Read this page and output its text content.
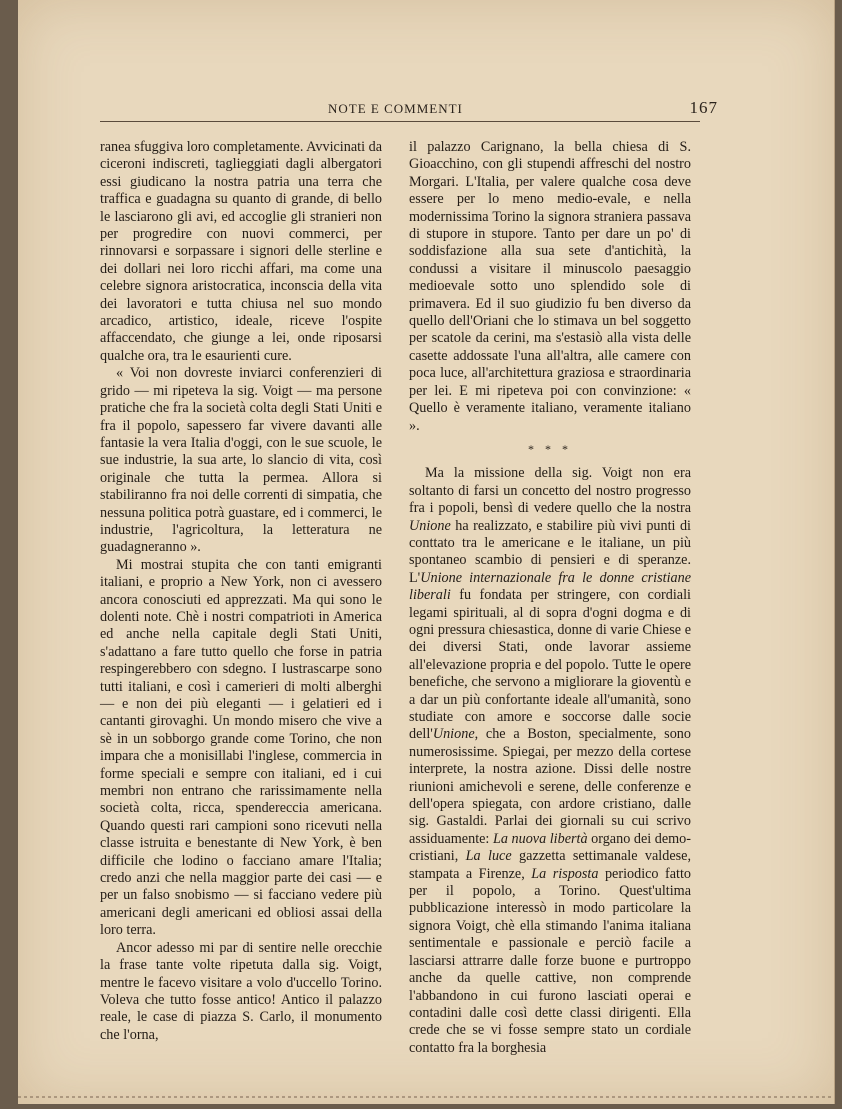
NOTE E COMMENTI	167

ranea sfuggiva loro completamente. Avvicinati da ciceroni indiscreti, taglieggiati dagli albergatori essi giudicano la nostra patria una terra che traffica e guadagna su quanto di grande, di bello le lasciarono gli avi, ed accoglie gli stranieri non per progredire con nuovi commerci, per rinnovarsi e sorpassare i signori delle sterline e dei dollari nei loro ricchi affari, ma come una celebre signora aristocratica, inconscia della vita dei lavoratori e tutta chiusa nel suo mondo arcadico, artistico, ideale, riceve l'ospite affaccendato, che giunge a lei, onde riposarsi qualche ora, tra le esaurienti cure.

« Voi non dovreste inviarci conferenzieri di grido — mi ripeteva la sig. Voigt — ma persone pratiche che fra la società colta degli Stati Uniti e fra il popolo, sapessero far vivere davanti alle fantasie la vera Italia d'oggi, con le sue scuole, le sue industrie, la sua arte, lo slancio di vita, così originale che tutta la permea. Allora si stabiliranno fra noi delle correnti di simpatia, che nessuna politica potrà guastare, ed i commerci, le industrie, l'agricoltura, la letteratura ne guadagneranno ».

Mi mostrai stupita che con tanti emigranti italiani, e proprio a New York, non ci avessero ancora conosciuti ed apprezzati. Ma qui sono le dolenti note. Chè i nostri compatrioti in America ed anche nella capitale degli Stati Uniti, s'adattano a fare tutto quello che forse in patria respingerebbero con sdegno. I lustrascarpe sono tutti italiani, e così i camerieri di molti alberghi — e non dei più eleganti — i gelatieri ed i cantanti girovaghi. Un mondo misero che vive a sè in un sobborgo grande come Torino, che non impara che a monisillabi l'inglese, commercia in forme speciali e sempre con italiani, ed i cui membri non entrano che rarissimamente nella società colta, ricca, spendereccia americana. Quando questi rari campioni sono ricevuti nella classe istruita e benestante di New York, è ben difficile che lodino o facciano amare l'Italia; credo anzi che nella maggior parte dei casi — e per un falso snobismo — si facciano vedere più americani degli americani ed obliosi assai della loro terra.

Ancor adesso mi par di sentire nelle orecchie la frase tante volte ripetuta dalla sig. Voigt, mentre le facevo visitare a volo d'uccello Torino. Voleva che tutto fosse antico! Antico il palazzo reale, le case di piazza S. Carlo, il monumento che l'orna,

il palazzo Carignano, la bella chiesa di S. Gioacchino, con gli stupendi affreschi del nostro Morgari. L'Italia, per valere qualche cosa deve essere per lo meno medio-evale, e nella modernissima Torino la signora straniera passava di stupore in stupore. Tanto per dare un po' di soddisfazione alla sua sete d'antichità, la condussi a visitare il minuscolo paesaggio medioevale sotto uno splendido sole di primavera. Ed il suo giudizio fu ben diverso da quello dell'Oriani che lo stimava un bel soggetto per scatole da cerini, ma s'estasiò alla vista delle casette addossate l'una all'altra, alle camere con poca luce, all'architettura graziosa e straordinaria per lei. E mi ripeteva poi con convinzione: « Quello è veramente italiano, veramente italiano ».

* * *

Ma la missione della sig. Voigt non era soltanto di farsi un concetto del nostro progresso fra i popoli, bensì di vedere quello che la nostra Unione ha realizzato, e stabilire più vivi punti di conttato tra le americane e le italiane, un più spontaneo scambio di pensieri e di speranze. L'Unione internazionale fra le donne cristiane liberali fu fondata per stringere, con cordiali legami spirituali, al di sopra d'ogni dogma e di ogni pressura chiesastica, donne di varie Chiese e dei diversi Stati, onde lavorar assieme all'elevazione propria e del popolo. Tutte le opere benefiche, che servono a migliorare la gioventù e a dar un più confortante ideale all'umanità, sono studiate con amore e soccorse dalle socie dell'Unione, che a Boston, specialmente, sono numerosissime. Spiegai, per mezzo della cortese interprete, la nostra azione. Dissi delle nostre riunioni amichevoli e serene, delle conferenze e dell'opera spiegata, con ardore cristiano, dalle sig. Gastaldi. Parlai dei giornali su cui scrivo assiduamente: La nuova libertà organo dei demo-cristiani, La luce gazzetta settimanale valdese, stampata a Firenze, La risposta periodico fatto per il popolo, a Torino. Quest'ultima pubblicazione interessò in modo particolare la signora Voigt, chè ella stimando l'anima italiana sentimentale e passionale e perciò facile a lasciarsi attrarre dalle forze buone e purtroppo anche da quelle cattive, non comprende l'abbandono in cui furono lasciati operai e contadini dalle così dette classi dirigenti. Ella crede che se vi fosse sempre stato un cordiale contatto fra la borghesia
